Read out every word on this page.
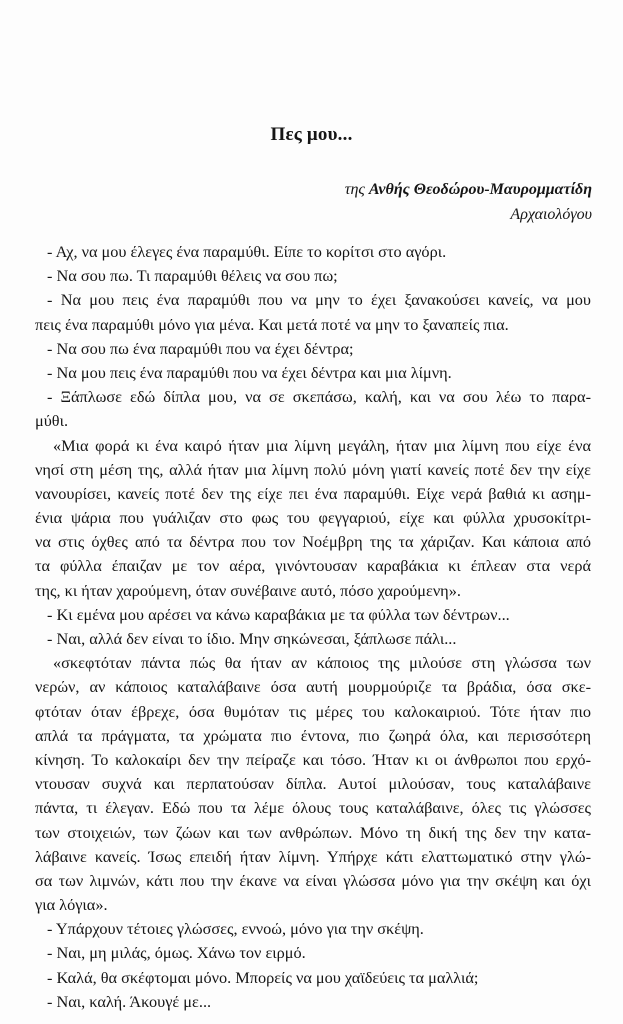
Πες μου...
της Ανθής Θεοδώρου-Μαυρομματίδη
Αρχαιολόγου
- Αχ, να μου έλεγες ένα παραμύθι. Είπε το κορίτσι στο αγόρι.
- Να σου πω. Τι παραμύθι θέλεις να σου πω;
- Να μου πεις ένα παραμύθι που να μην το έχει ξανακούσει κανείς, να μου
πεις ένα παραμύθι μόνο για μένα. Και μετά ποτέ να μην το ξαναπείς πια.
- Να σου πω ένα παραμύθι που να έχει δέντρα;
- Να μου πεις ένα παραμύθι που να έχει δέντρα και μια λίμνη.
- Ξάπλωσε εδώ δίπλα μου, να σε σκεπάσω, καλή, και να σου λέω το παρα-
μύθι.
«Μια φορά κι ένα καιρό ήταν μια λίμνη μεγάλη, ήταν μια λίμνη που είχε ένα
νησί στη μέση της, αλλά ήταν μια λίμνη πολύ μόνη γιατί κανείς ποτέ δεν την είχε
νανουρίσει, κανείς ποτέ δεν της είχε πει ένα παραμύθι. Είχε νερά βαθιά κι ασημ-
ένια ψάρια που γυάλιζαν στο φως του φεγγαριού, είχε και φύλλα χρυσοκίτρι-
να στις όχθες από τα δέντρα που τον Νοέμβρη της τα χάριζαν. Και κάποια από
τα φύλλα έπαιζαν με τον αέρα, γινόντουσαν καραβάκια κι έπλεαν στα νερά
της, κι ήταν χαρούμενη, όταν συνέβαινε αυτό, πόσο χαρούμενη».
- Κι εμένα μου αρέσει να κάνω καραβάκια με τα φύλλα των δέντρων...
- Ναι, αλλά δεν είναι το ίδιο. Μην σηκώνεσαι, ξάπλωσε πάλι...
«σκεφτόταν πάντα πώς θα ήταν αν κάποιος της μιλούσε στη γλώσσα των
νερών, αν κάποιος καταλάβαινε όσα αυτή μουρμούριζε τα βράδια, όσα σκε-
φτόταν όταν έβρεχε, όσα θυμόταν τις μέρες του καλοκαιριού. Τότε ήταν πιο
απλά τα πράγματα, τα χρώματα πιο έντονα, πιο ζωηρά όλα, και περισσότερη
κίνηση. Το καλοκαίρι δεν την πείραζε και τόσο. Ήταν κι οι άνθρωποι που ερχό-
ντουσαν συχνά και περπατούσαν δίπλα. Αυτοί μιλούσαν, τους καταλάβαινε
πάντα, τι έλεγαν. Εδώ που τα λέμε όλους τους καταλάβαινε, όλες τις γλώσσες
των στοιχειών, των ζώων και των ανθρώπων. Μόνο τη δική της δεν την κατα-
λάβαινε κανείς. Ίσως επειδή ήταν λίμνη. Υπήρχε κάτι ελαττωματικό στην γλώ-
σα των λιμνών, κάτι που την έκανε να είναι γλώσσα μόνο για την σκέψη και όχι
για λόγια».
- Υπάρχουν τέτοιες γλώσσες, εννοώ, μόνο για την σκέψη.
- Ναι, μη μιλάς, όμως. Χάνω τον ειρμό.
- Καλά, θα σκέφτομαι μόνο. Μπορείς να μου χαϊδεύεις τα μαλλιά;
- Ναι, καλή. Άκουγέ με...
